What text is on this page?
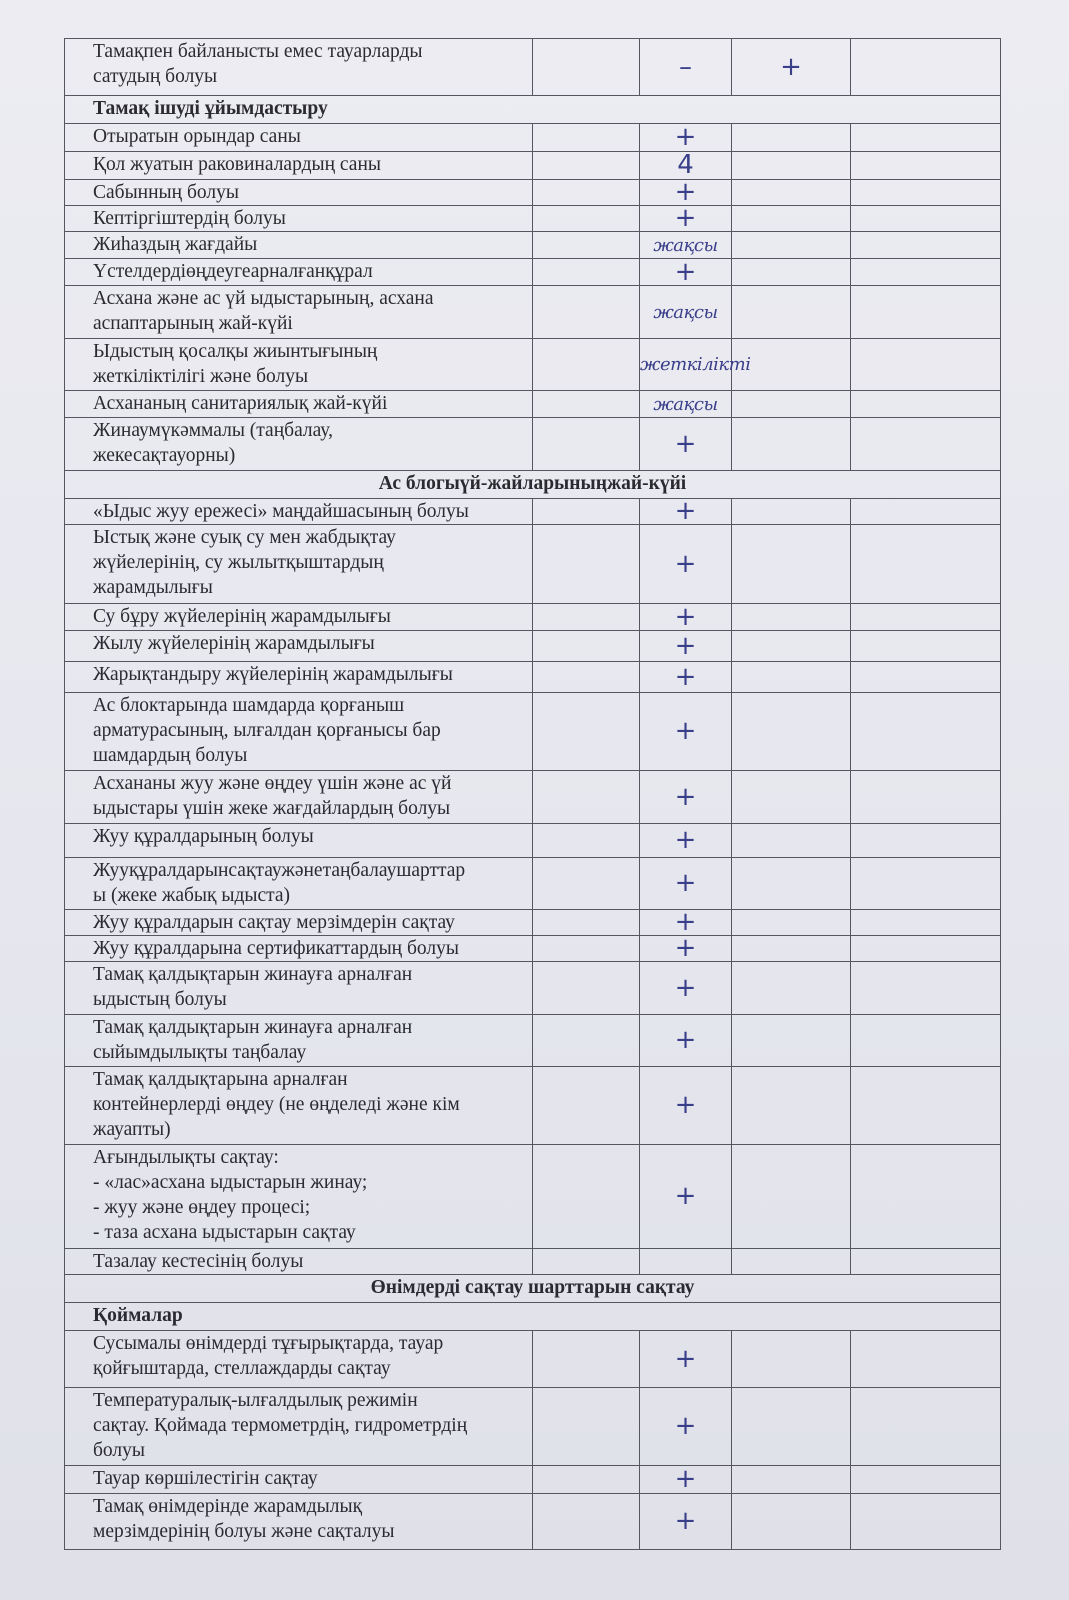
Тамақпен байланысты емес тауарларды
сатудың болуы		–	+	
Тамақ ішуді ұйымдастыру				
Отыратын орындар саны		+		
Қол жуатын раковиналардың саны		4		
Сабынның болуы		+		
Кептіргіштердің болуы		+		
Жиһаздың жағдайы		жақсы		
Үстелдердіөңдеугеарналғанқұрал		+		
Асхана және ас үй ыдыстарының, асхана
аспаптарының жай-күйі		жақсы		
Ыдыстың қосалқы жиынтығының
жеткіліктілігі және болуы		жеткілікті		
Асхананың санитариялық жай-күйі		жақсы		
Жинаумүкәммалы (таңбалау,
жекесақтауорны)		+		
Ас блогыүй-жайларыныңжай-күйі				
«Ыдыс жуу ережесі» маңдайшасының болуы		+		
Ыстық және суық су мен жабдықтау
жүйелерінің, су жылытқыштардың
жарамдылығы		+		
Су бұру жүйелерінің жарамдылығы		+		
Жылу жүйелерінің жарамдылығы		+		
Жарықтандыру жүйелерінің жарамдылығы		+		
Ас блоктарында шамдарда қорғаныш
арматурасының, ылғалдан қорғанысы бар
шамдардың болуы		+		
Асхананы жуу және өңдеу үшін және ас үй
ыдыстары үшін жеке жағдайлардың болуы		+		
Жуу құралдарының болуы		+		
Жууқұралдарынсақтаужәнетаңбалаушарттар
ы (жеке жабық ыдыста)		+		
Жуу құралдарын сақтау мерзімдерін сақтау		+		
Жуу құралдарына сертификаттардың болуы		+		
Тамақ қалдықтарын жинауға арналған
ыдыстың болуы		+		
Тамақ қалдықтарын жинауға арналған
сыйымдылықты таңбалау		+		
Тамақ қалдықтарына арналған
контейнерлерді өңдеу (не өңделеді және кім
жауапты)		+		
Ағындылықты сақтау:
- «лас»асхана ыдыстарын жинау;
- жуу және өңдеу процесі;
- таза асхана ыдыстарын сақтау		+		
Тазалау кестесінің болуы				
Өнімдерді сақтау шарттарын сақтау				
Қоймалар				
Сусымалы өнімдерді тұғырықтарда, тауар
қойғыштарда, стеллаждарды сақтау		+		
Температуралық-ылғалдылық режимін
сақтау. Қоймада термометрдің, гидрометрдің
болуы		+		
Тауар көршілестігін сақтау		+		
Тамақ өнімдерінде жарамдылық
мерзімдерінің болуы және сақталуы		+		
